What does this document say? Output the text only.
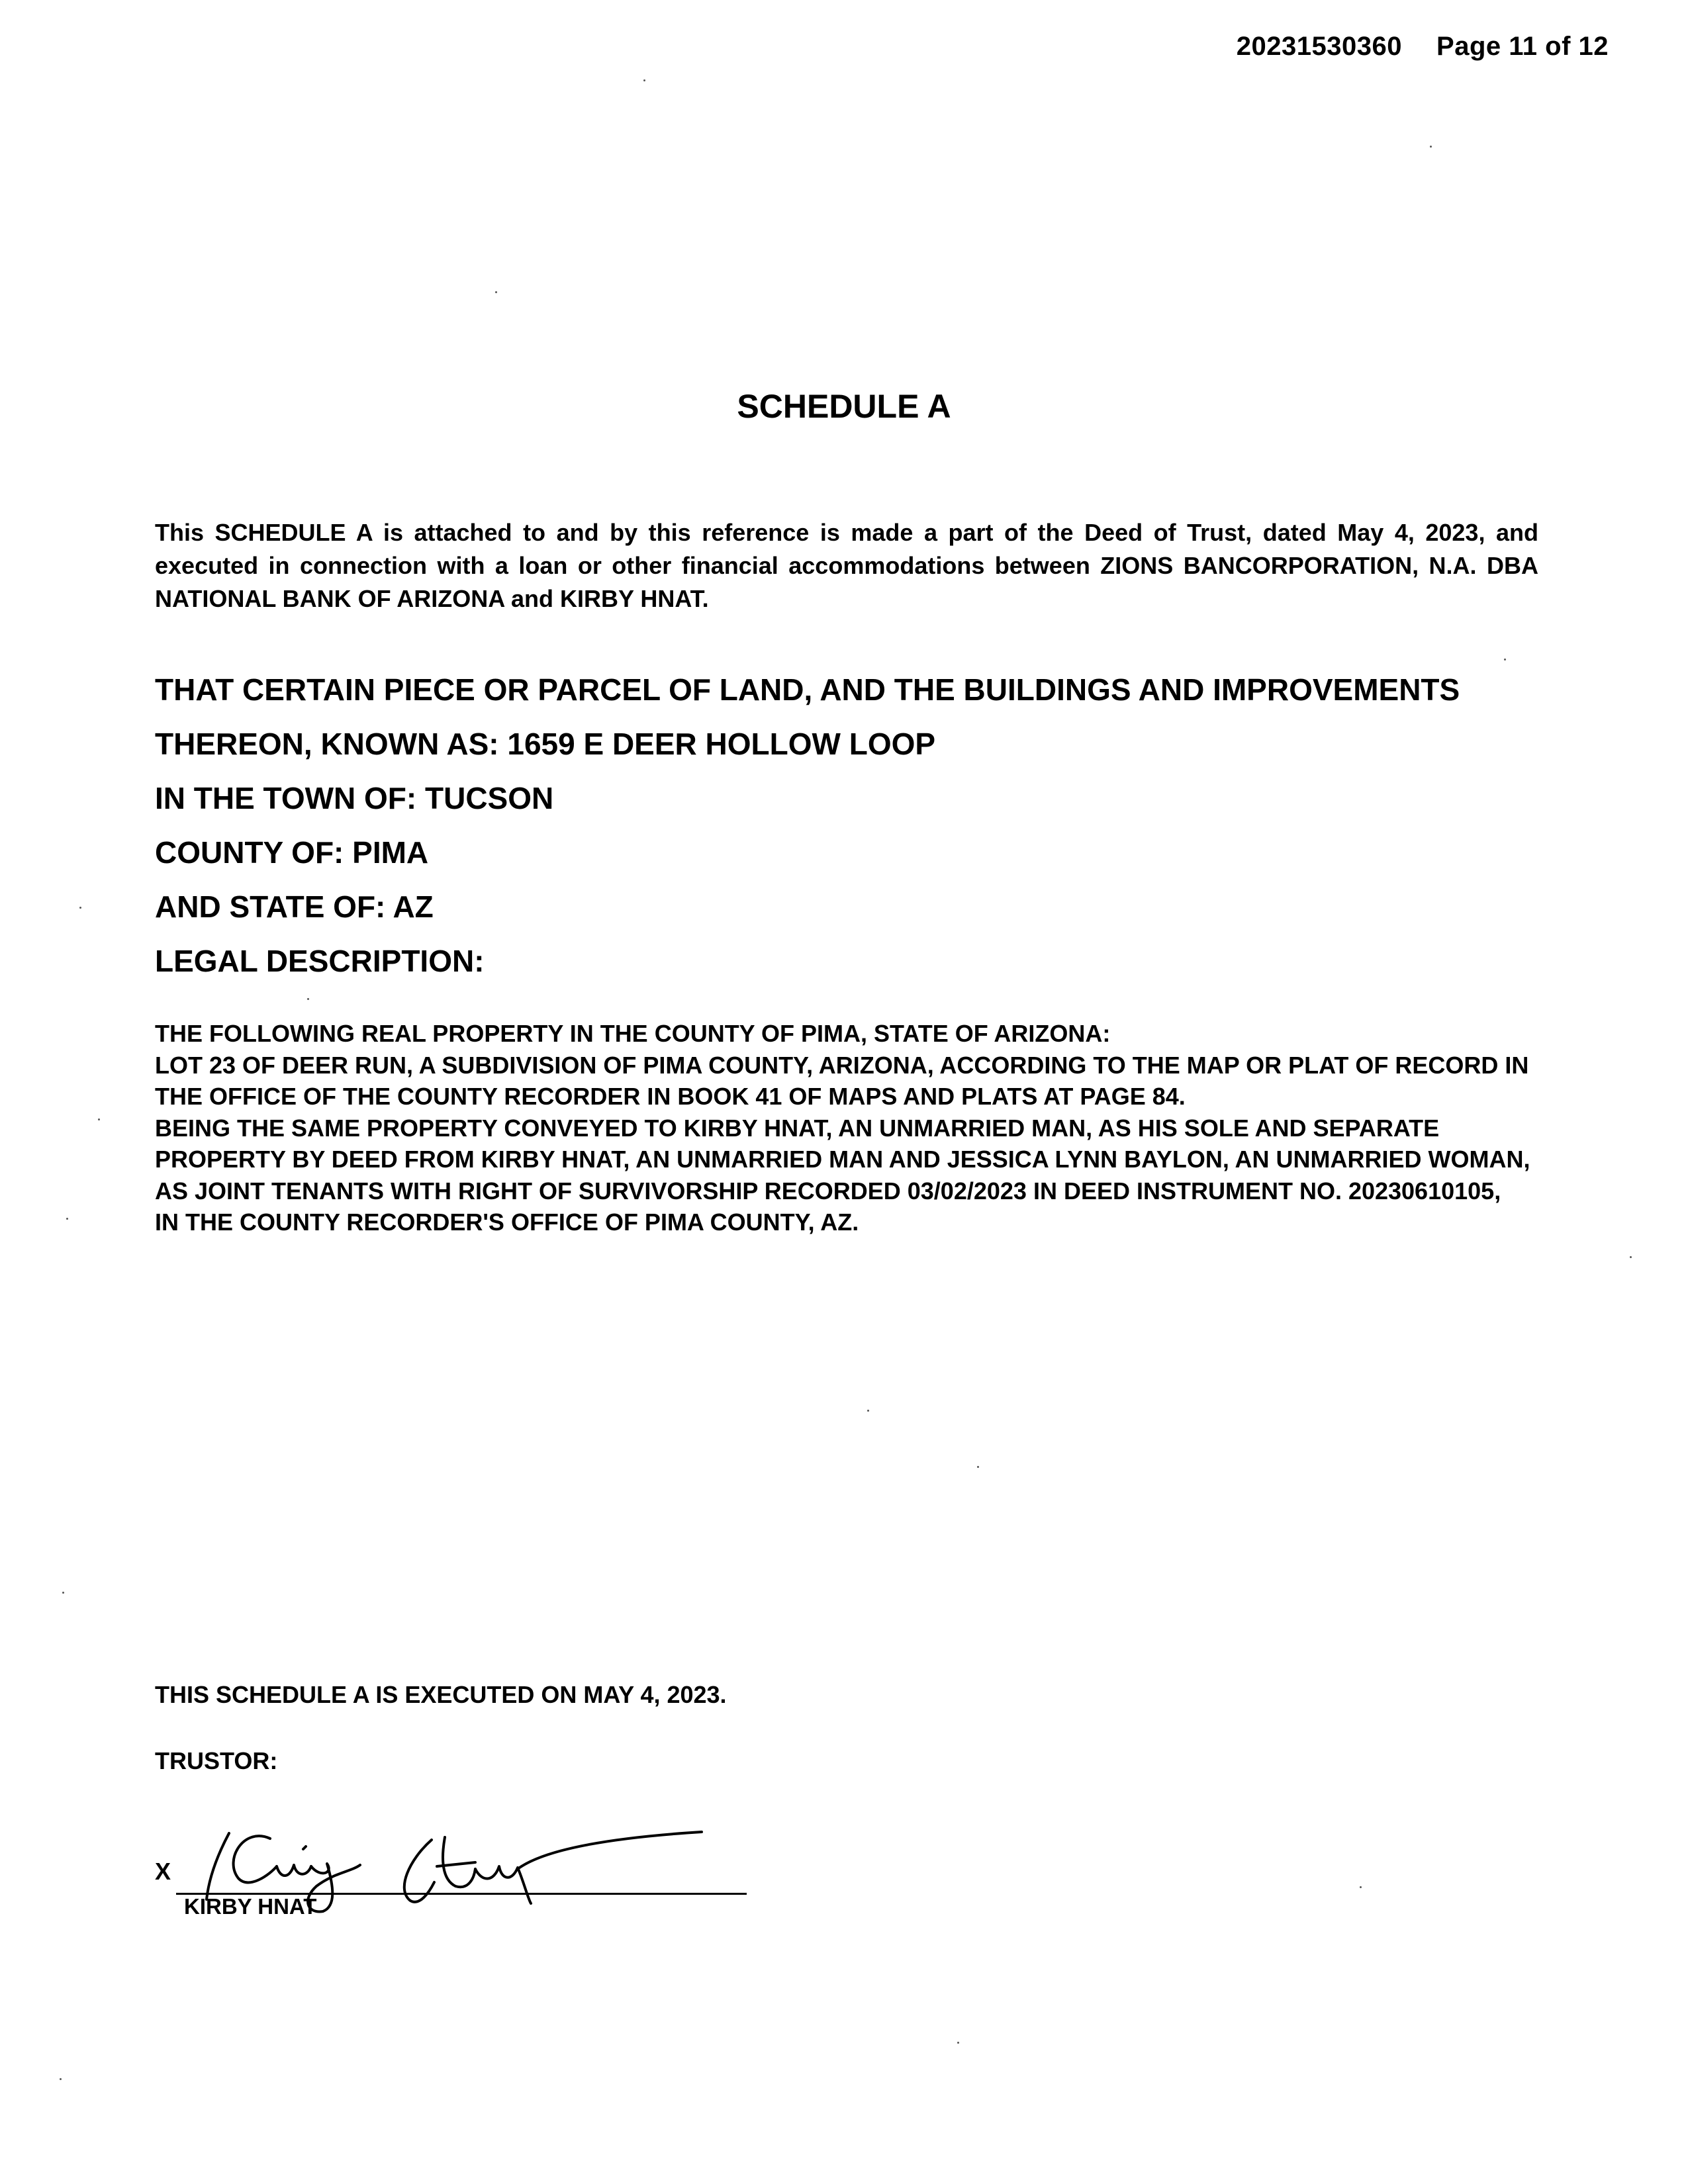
20231530360 Page 11 of 12
SCHEDULE A
This SCHEDULE A is attached to and by this reference is made a part of the Deed of Trust, dated May 4, 2023, and executed in connection with a loan or other financial accommodations between ZIONS BANCORPORATION, N.A. DBA NATIONAL BANK OF ARIZONA and KIRBY HNAT.
THAT CERTAIN PIECE OR PARCEL OF LAND, AND THE BUILDINGS AND IMPROVEMENTS
THEREON, KNOWN AS: 1659 E DEER HOLLOW LOOP
IN THE TOWN OF: TUCSON
COUNTY OF: PIMA
AND STATE OF: AZ
LEGAL DESCRIPTION:
THE FOLLOWING REAL PROPERTY IN THE COUNTY OF PIMA, STATE OF ARIZONA:
LOT 23 OF DEER RUN, A SUBDIVISION OF PIMA COUNTY, ARIZONA, ACCORDING TO THE MAP OR PLAT OF RECORD IN
THE OFFICE OF THE COUNTY RECORDER IN BOOK 41 OF MAPS AND PLATS AT PAGE 84.
BEING THE SAME PROPERTY CONVEYED TO KIRBY HNAT, AN UNMARRIED MAN, AS HIS SOLE AND SEPARATE
PROPERTY BY DEED FROM KIRBY HNAT, AN UNMARRIED MAN AND JESSICA LYNN BAYLON, AN UNMARRIED WOMAN,
AS JOINT TENANTS WITH RIGHT OF SURVIVORSHIP RECORDED 03/02/2023 IN DEED INSTRUMENT NO. 20230610105,
IN THE COUNTY RECORDER'S OFFICE OF PIMA COUNTY, AZ.
THIS SCHEDULE A IS EXECUTED ON MAY 4, 2023.
TRUSTOR:
X
KIRBY HNAT
